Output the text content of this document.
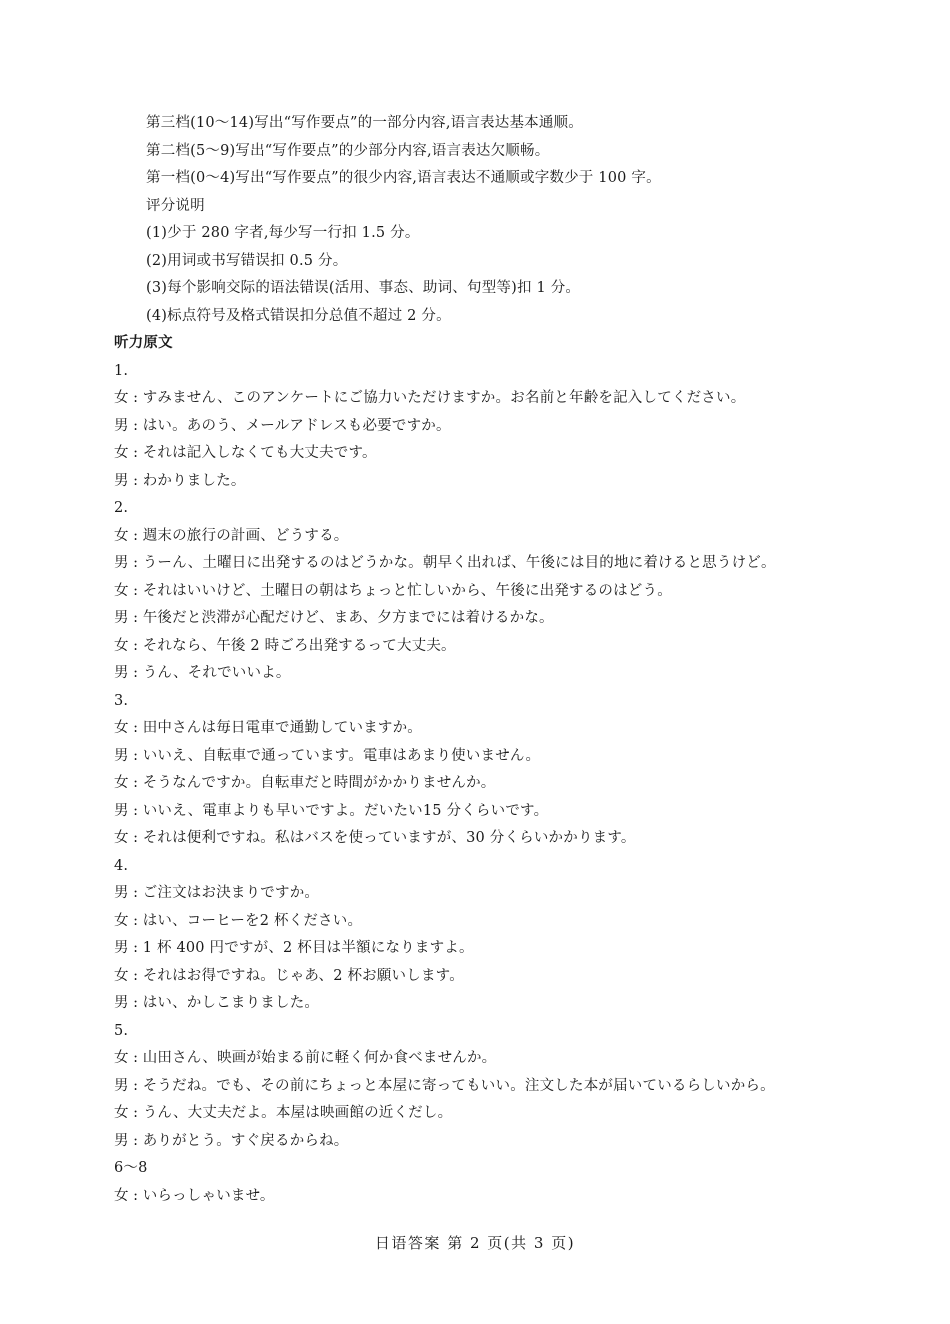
第三档(10～14)写出“写作要点”的一部分内容,语言表达基本通顺。
第二档(5～9)写出“写作要点”的少部分内容,语言表达欠顺畅。
第一档(0～4)写出“写作要点”的很少内容,语言表达不通顺或字数少于 100 字。
评分说明
(1)少于 280 字者,每少写一行扣 1.5 分。
(2)用词或书写错误扣 0.5 分。
(3)每个影响交际的语法错误(活用、事态、助词、句型等)扣 1 分。
(4)标点符号及格式错误扣分总值不超过 2 分。
听力原文
1.
女 : すみません、このアンケートにご協力いただけますか。お名前と年齢を記入してください。
男 : はい。あのう、メールアドレスも必要ですか。
女 : それは記入しなくても大丈夫です。
男 : わかりました。
2.
女 : 週末の旅行の計画、どうする。
男 : うーん、土曜日に出発するのはどうかな。朝早く出れば、午後には目的地に着けると思うけど。
女 : それはいいけど、土曜日の朝はちょっと忙しいから、午後に出発するのはどう。
男 : 午後だと渋滞が心配だけど、まあ、夕方までには着けるかな。
女 : それなら、午後 2 時ごろ出発するって大丈夫。
男 : うん、それでいいよ。
3.
女 : 田中さんは毎日電車で通勤していますか。
男 : いいえ、自転車で通っています。電車はあまり使いません。
女 : そうなんですか。自転車だと時間がかかりませんか。
男 : いいえ、電車よりも早いですよ。だいたい15 分くらいです。
女 : それは便利ですね。私はバスを使っていますが、30 分くらいかかります。
4.
男 : ご注文はお決まりですか。
女 : はい、コーヒーを2 杯ください。
男 : 1 杯 400 円ですが、2 杯目は半額になりますよ。
女 : それはお得ですね。じゃあ、2 杯お願いします。
男 : はい、かしこまりました。
5.
女 : 山田さん、映画が始まる前に軽く何か食べませんか。
男 : そうだね。でも、その前にちょっと本屋に寄ってもいい。注文した本が届いているらしいから。
女 : うん、大丈夫だよ。本屋は映画館の近くだし。
男 : ありがとう。すぐ戻るからね。
6～8
女 : いらっしゃいませ。
日语答案 第 2 页(共 3 页)
